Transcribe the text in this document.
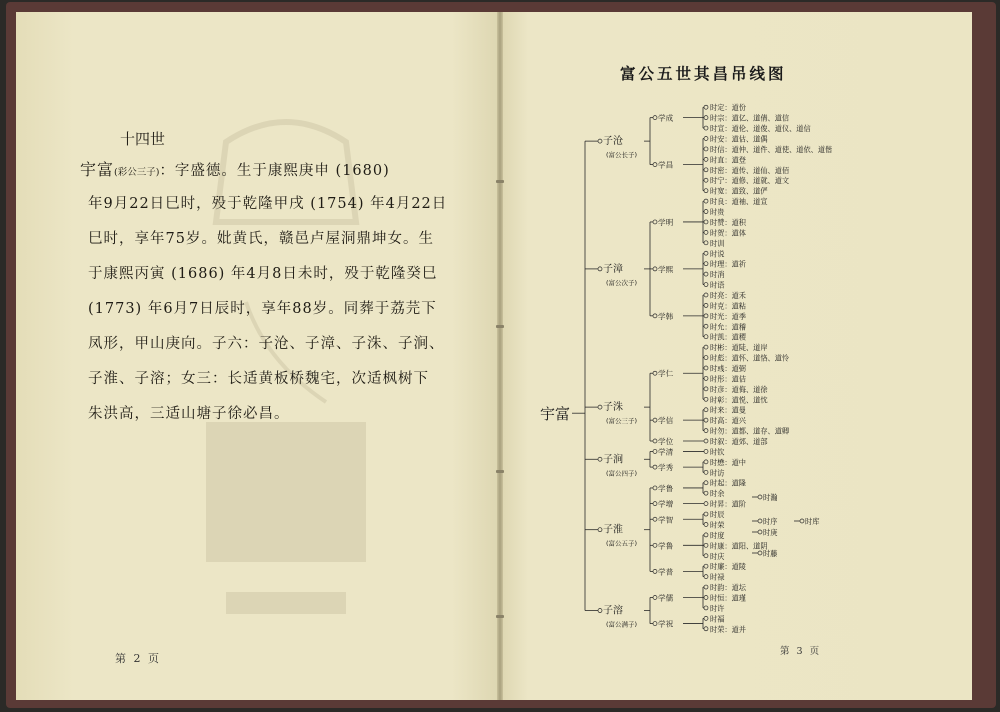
十四世
宇富(彩公三子)：字盛德。生于康熙庚申 (1680)
年9月22日巳时，殁于乾隆甲戌 (1754) 年4月22日
巳时，享年75岁。妣黄氏，赣邑卢屋洞鼎坤女。生
于康熙丙寅 (1686) 年4月8日未时，殁于乾隆癸巳
(1773) 年6月7日辰时，享年88岁。同葬于荔芫下
凤形，甲山庚向。子六：子沧、子漳、子洙、子涧、
子淮、子溶；女三：长适黄板桥魏宅，次适枫树下
朱洪高，三适山塘子徐必昌。
第 2 页
富公五世其昌吊线图
时定：道份
时宗：道亿、道倩、道信
时宣：道伦、道俊、道仪、道信
学成
时安：道估、道偶
时信：道仲、道件、道使、道依、道偕
时直：道登
时密：道传、道仙、道佰
时宁：道修、道就、道文
时宽：道致、道俨
学昌
子沧
(富公长子)
时良：道袖、道宣
时贵
时赞：道积
时贺：道体
时训
学明
时说
时理：道祈
时消
时语
学熙
时亮：道禾
时克：道粘
时光：道季
时允：道稽
时凯：道稷
学韩
子漳
(富公次子)
时彬：道陡、道岸
时彪：道怀、道恪、道怜
时彧：道弼
时彤：道佶
时彦：道侮、道徐
时彰：道悦、道忱
学仁
时来：道曼
时高：道兴
时勿：道都、道存、道卿
学信
时叙：道郊、道部
学位
子洙
(富公三子)
时钦
学清
时懋：道中
时访
学秀
子涧
(富公四子)
时起：道隆
时余
学鲁
时昇：道阶
学增
时辰
时荣
学智
时度
时康：道阳、道阴
时庆
学鲁
时廉：道陵
时禄
学普
子淮
(富公五子)
时韵：道坛
时恒：道瑾
时许
学儒
时福
时荣：道并
学祝
子溶
(富公满子)
宇富
时瀚
时序	时库
时藤
时庚
第 3 页
